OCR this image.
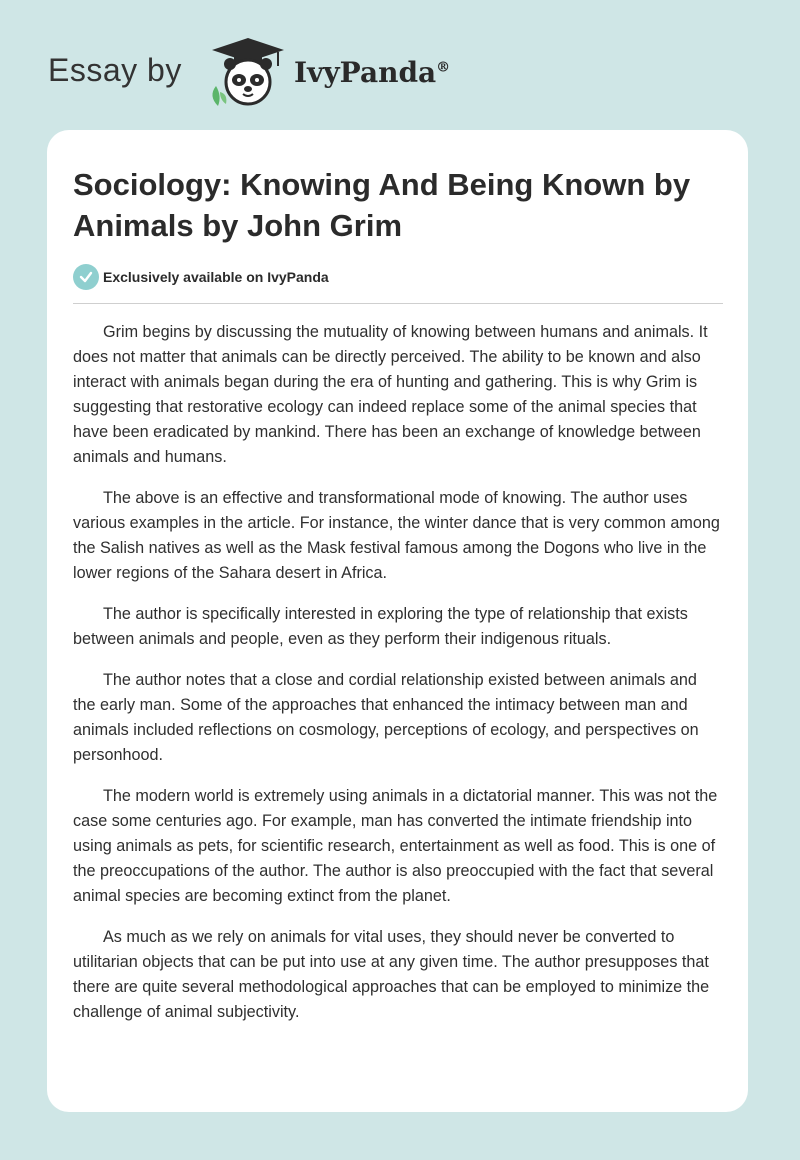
Essay by	IvyPanda®
Sociology: Knowing And Being Known by Animals by John Grim
Exclusively available on IvyPanda

Grim begins by discussing the mutuality of knowing between humans and animals. It does not matter that animals can be directly perceived. The ability to be known and also interact with animals began during the era of hunting and gathering. This is why Grim is suggesting that restorative ecology can indeed replace some of the animal species that have been eradicated by mankind. There has been an exchange of knowledge between animals and humans.

The above is an effective and transformational mode of knowing. The author uses various examples in the article. For instance, the winter dance that is very common among the Salish natives as well as the Mask festival famous among the Dogons who live in the lower regions of the Sahara desert in Africa.

The author is specifically interested in exploring the type of relationship that exists between animals and people, even as they perform their indigenous rituals.

The author notes that a close and cordial relationship existed between animals and the early man. Some of the approaches that enhanced the intimacy between man and animals included reflections on cosmology, perceptions of ecology, and perspectives on personhood.

The modern world is extremely using animals in a dictatorial manner. This was not the case some centuries ago. For example, man has converted the intimate friendship into using animals as pets, for scientific research, entertainment as well as food. This is one of the preoccupations of the author. The author is also preoccupied with the fact that several animal species are becoming extinct from the planet.

As much as we rely on animals for vital uses, they should never be converted to utilitarian objects that can be put into use at any given time. The author presupposes that there are quite several methodological approaches that can be employed to minimize the challenge of animal subjectivity.
